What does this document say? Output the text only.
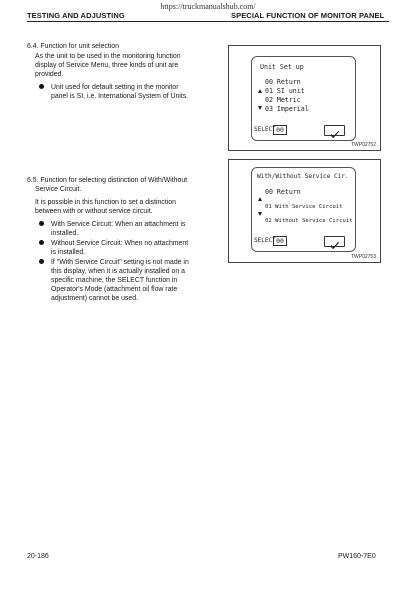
https://truckmanualshub.com/
TESTING AND ADJUSTING	SPECIAL FUNCTION OF MONITOR PANEL
6.4. Function for unit selection
As the unit to be used in the monitoring function
display of Service Menu, three kinds of unit are
provided.
Unit used for default setting in the monitor
panel is SI, i.e. International System of Units.
Unit Set up
00 Return
01 SI unit
02 Metric
03 Imperial
SELECT 00
TWP02752
6.5. Function for selecting distinction of With/Without
Service Circuit.
It is possible in this function to set a distinction
between with or without service circuit.
With Service Circuit: When an attachment is
installed.
Without Service Circuit: When no attachment
is installed.
If "With Service Circuit" setting is not made in
this display, when it is actually installed on a
specific machine, the SELECT function in
Operator's Mode (attachment oil flow rate
adjustment) cannot be used.
With/Without Service Cir.
00 Return
01 With Service Circuit
02 Without Service Circuit
SELECT 00
TWP02753
20-186	PW160-7E0
